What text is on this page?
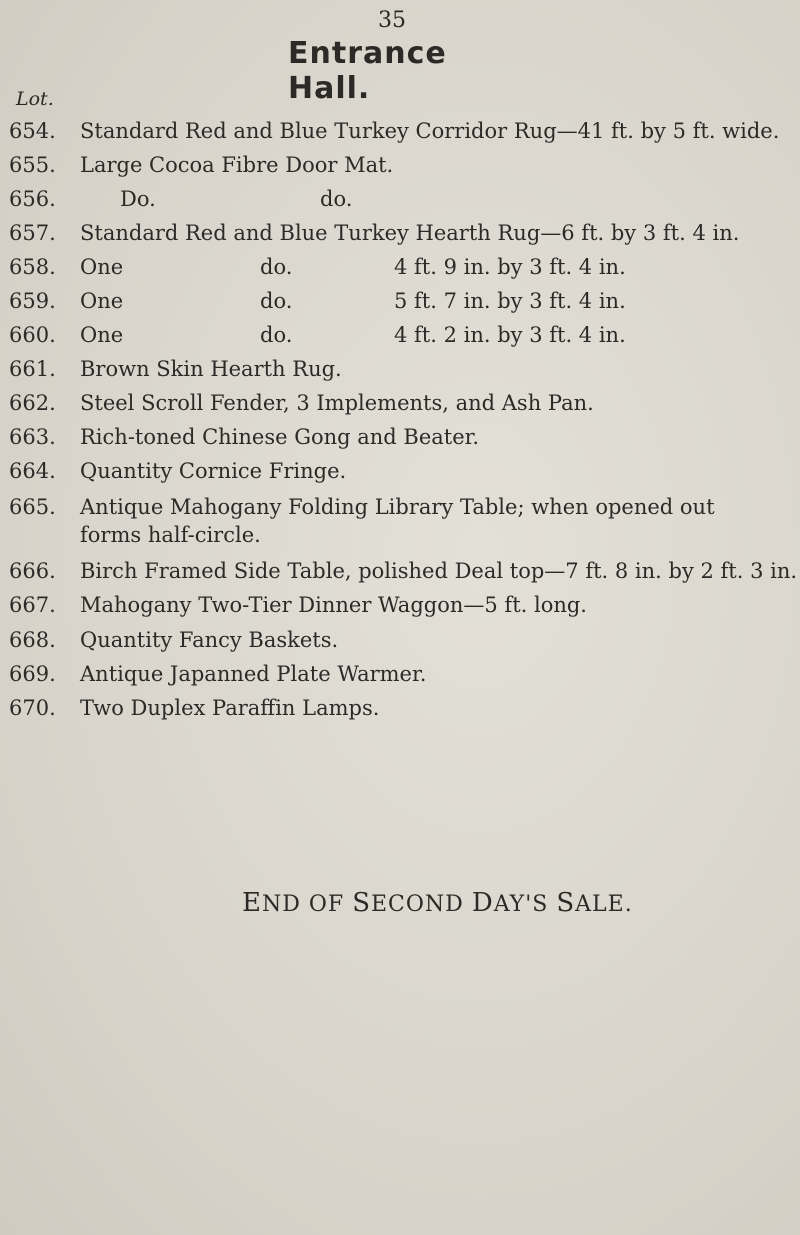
35
Entrance Hall.
Lot.
654.	Standard Red and Blue Turkey Corridor Rug—41 ft. by 5 ft. wide.
655.	Large Cocoa Fibre Door Mat.
656.	Do.	do.
657.	Standard Red and Blue Turkey Hearth Rug—6 ft. by 3 ft. 4 in.
658.	One	do.	4 ft. 9 in. by 3 ft. 4 in.
659.	One	do.	5 ft. 7 in. by 3 ft. 4 in.
660.	One	do.	4 ft. 2 in. by 3 ft. 4 in.
661.	Brown Skin Hearth Rug.
662.	Steel Scroll Fender, 3 Implements, and Ash Pan.
663.	Rich-toned Chinese Gong and Beater.
664.	Quantity Cornice Fringe.
665.	Antique Mahogany Folding Library Table; when opened out
forms half-circle.
666.	Birch Framed Side Table, polished Deal top—7 ft. 8 in. by 2 ft. 3 in.
667.	Mahogany Two-Tier Dinner Waggon—5 ft. long.
668.	Quantity Fancy Baskets.
669.	Antique Japanned Plate Warmer.
670.	Two Duplex Paraffin Lamps.
END OF SECOND DAY'S SALE.
